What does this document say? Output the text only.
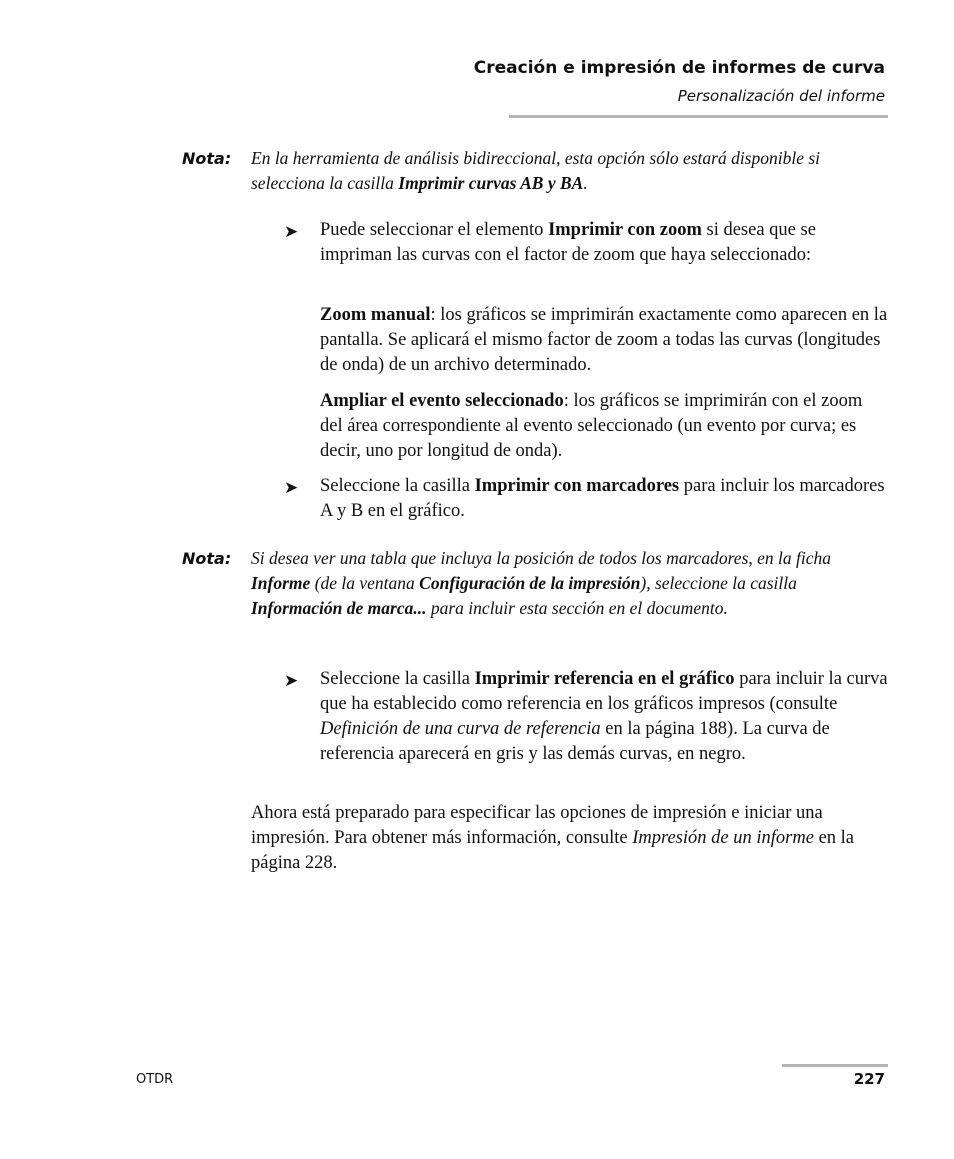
Creación e impresión de informes de curva
Personalización del informe
Nota: En la herramienta de análisis bidireccional, esta opción sólo estará disponible si selecciona la casilla Imprimir curvas AB y BA.
➤ Puede seleccionar el elemento Imprimir con zoom si desea que se impriman las curvas con el factor de zoom que haya seleccionado:
Zoom manual: los gráficos se imprimirán exactamente como aparecen en la pantalla. Se aplicará el mismo factor de zoom a todas las curvas (longitudes de onda) de un archivo determinado.
Ampliar el evento seleccionado: los gráficos se imprimirán con el zoom del área correspondiente al evento seleccionado (un evento por curva; es decir, uno por longitud de onda).
➤ Seleccione la casilla Imprimir con marcadores para incluir los marcadores A y B en el gráfico.
Nota: Si desea ver una tabla que incluya la posición de todos los marcadores, en la ficha Informe (de la ventana Configuración de la impresión), seleccione la casilla Información de marca... para incluir esta sección en el documento.
➤ Seleccione la casilla Imprimir referencia en el gráfico para incluir la curva que ha establecido como referencia en los gráficos impresos (consulte Definición de una curva de referencia en la página 188). La curva de referencia aparecerá en gris y las demás curvas, en negro.
Ahora está preparado para especificar las opciones de impresión e iniciar una impresión. Para obtener más información, consulte Impresión de un informe en la página 228.
OTDR	227
